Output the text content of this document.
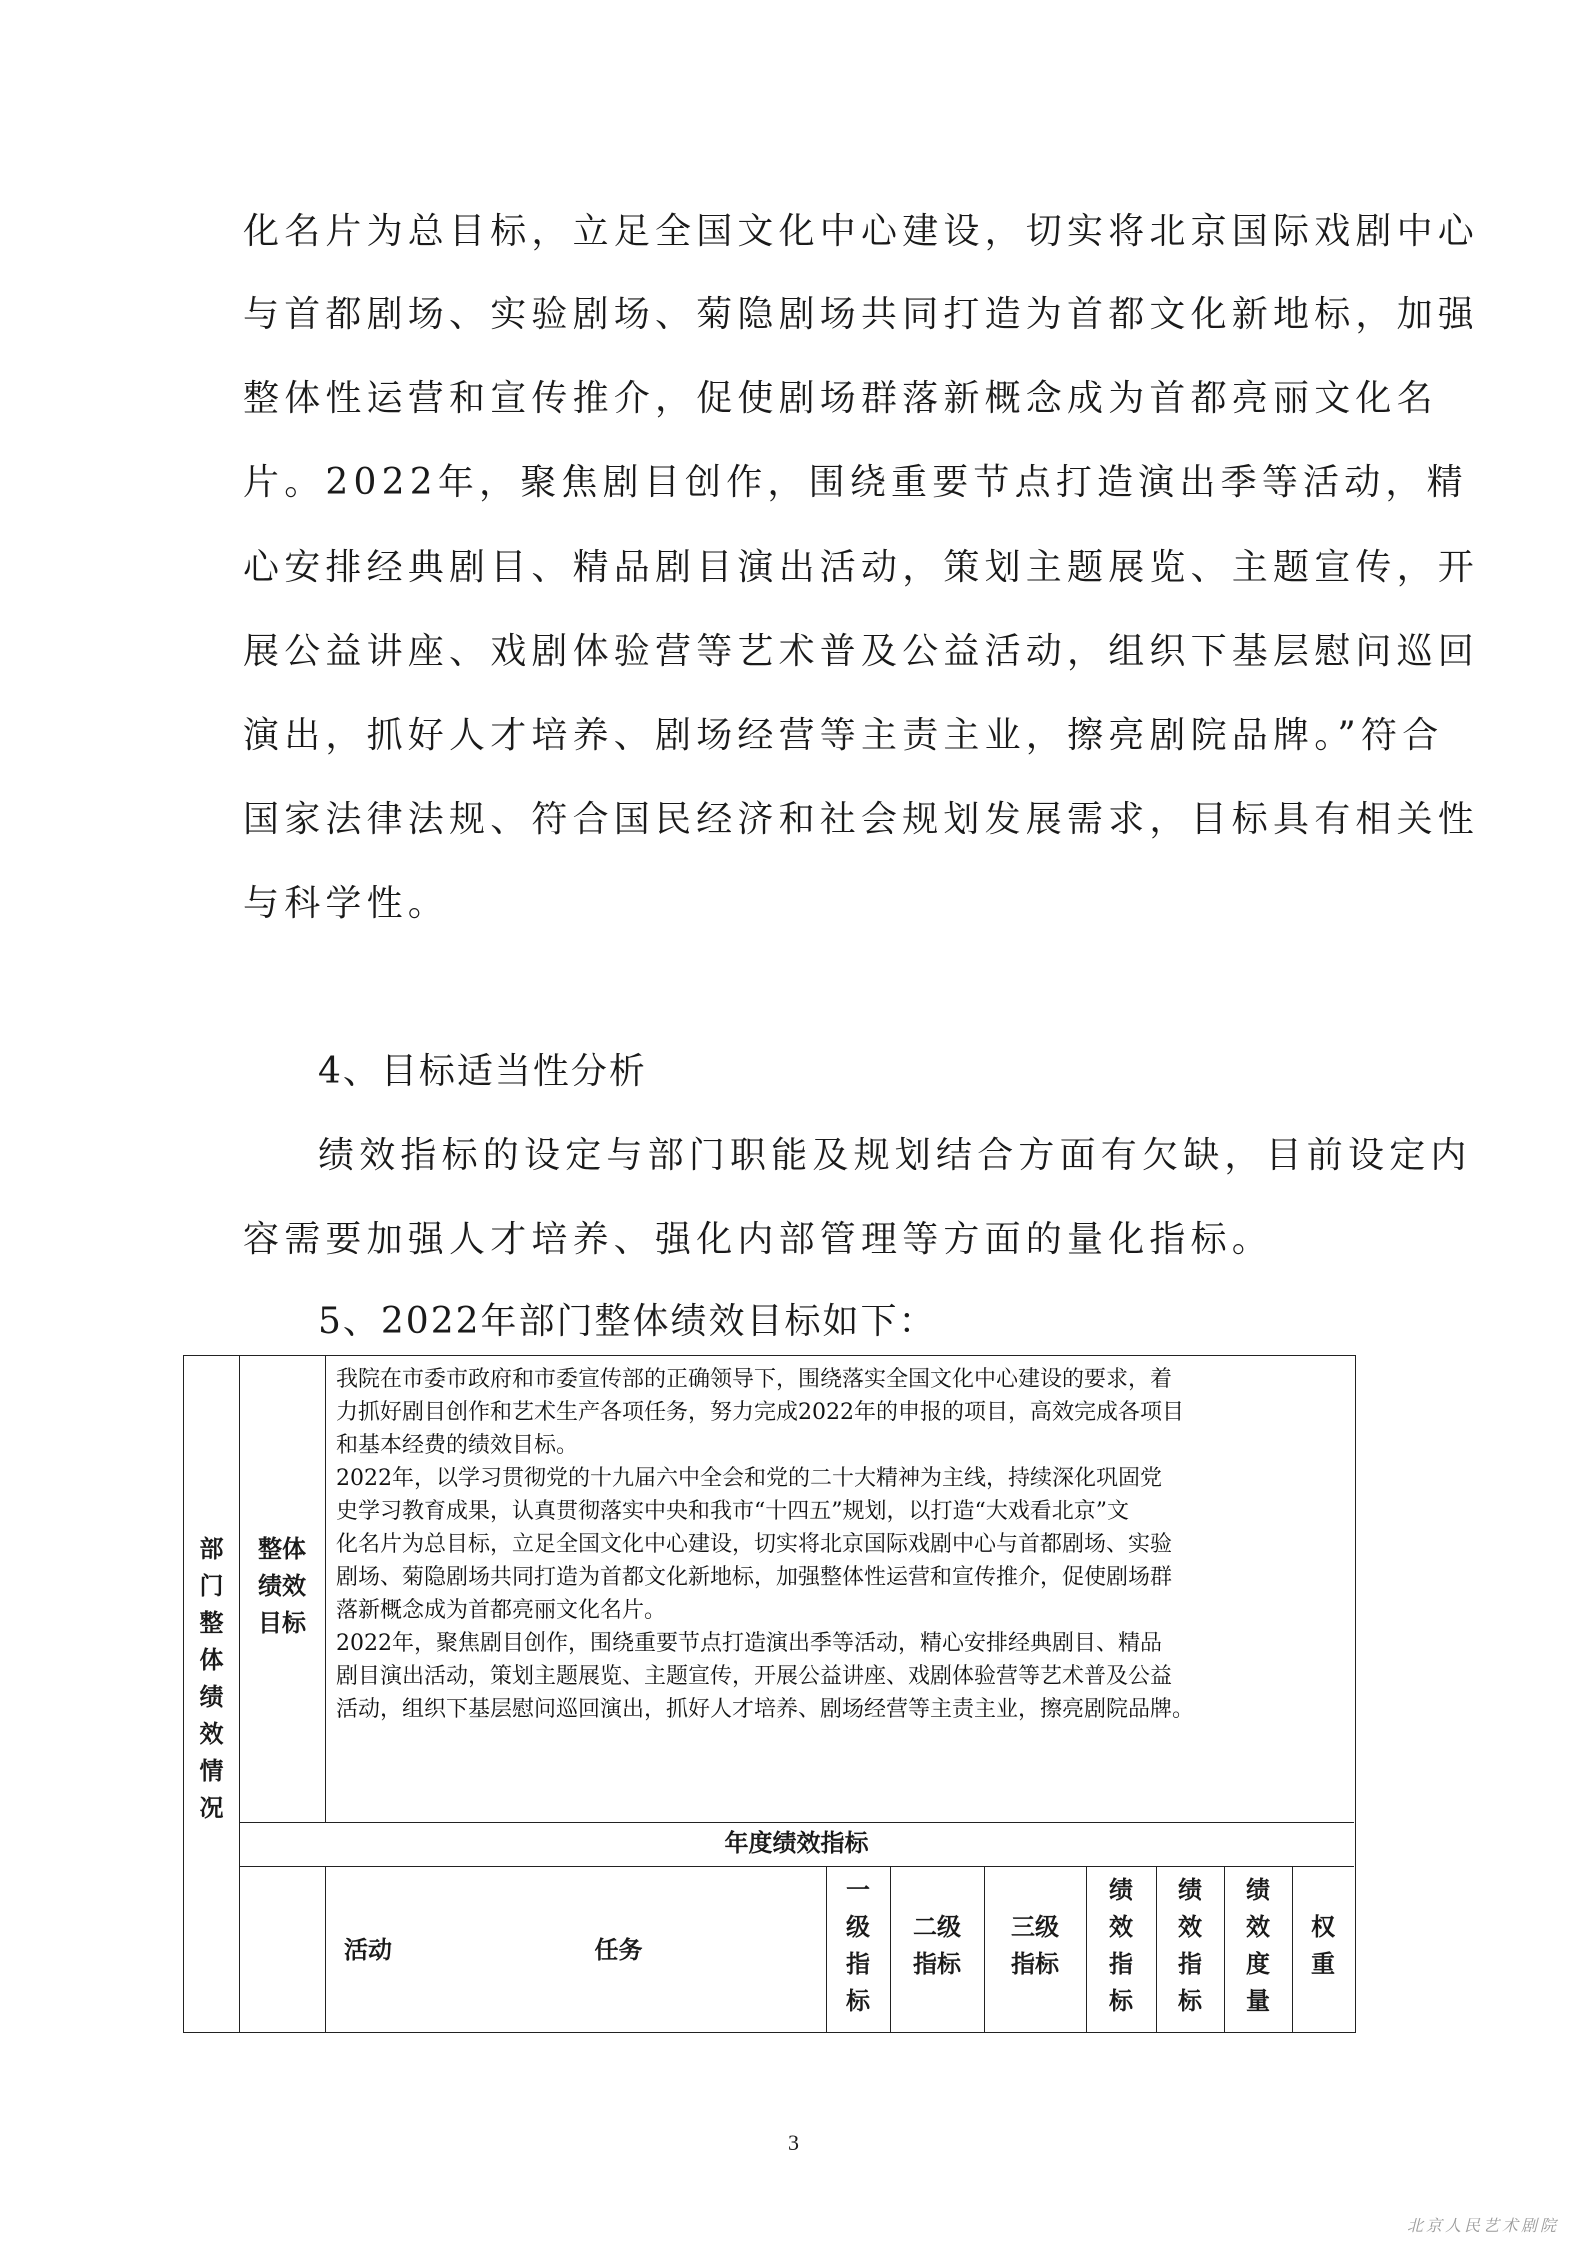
化名片为总目标，立足全国文化中心建设，切实将北京国际戏剧中心
与首都剧场、实验剧场、菊隐剧场共同打造为首都文化新地标，加强
整体性运营和宣传推介，促使剧场群落新概念成为首都亮丽文化名
片。2022年，聚焦剧目创作，围绕重要节点打造演出季等活动，精
心安排经典剧目、精品剧目演出活动，策划主题展览、主题宣传，开
展公益讲座、戏剧体验营等艺术普及公益活动，组织下基层慰问巡回
演出，抓好人才培养、剧场经营等主责主业，擦亮剧院品牌。”符合
国家法律法规、符合国民经济和社会规划发展需求，目标具有相关性
与科学性。
4、目标适当性分析
绩效指标的设定与部门职能及规划结合方面有欠缺，目前设定内
容需要加强人才培养、强化内部管理等方面的量化指标。
5、2022年部门整体绩效目标如下：
部
门
整
体
绩
效
情
况
整体
绩效
目标
年度绩效指标
活动	任务
一
级
指
标
二级
指标
三级
指标
绩
效
指
标
绩
效
指
标
绩
效
度
量
权
重

我院在市委市政府和市委宣传部的正确领导下，围绕落实全国文化中心建设的要求，着

力抓好剧目创作和艺术生产各项任务，努力完成2022年的申报的项目，高效完成各项目

和基本经费的绩效目标。

2022年，以学习贯彻党的十九届六中全会和党的二十大精神为主线，持续深化巩固党

史学习教育成果，认真贯彻落实中央和我市“十四五”规划，以打造“大戏看北京”文

化名片为总目标，立足全国文化中心建设，切实将北京国际戏剧中心与首都剧场、实验

剧场、菊隐剧场共同打造为首都文化新地标，加强整体性运营和宣传推介，促使剧场群

落新概念成为首都亮丽文化名片。

2022年，聚焦剧目创作，围绕重要节点打造演出季等活动，精心安排经典剧目、精品

剧目演出活动，策划主题展览、主题宣传，开展公益讲座、戏剧体验营等艺术普及公益

活动，组织下基层慰问巡回演出，抓好人才培养、剧场经营等主责主业，擦亮剧院品牌。

3
北京人民艺术剧院
